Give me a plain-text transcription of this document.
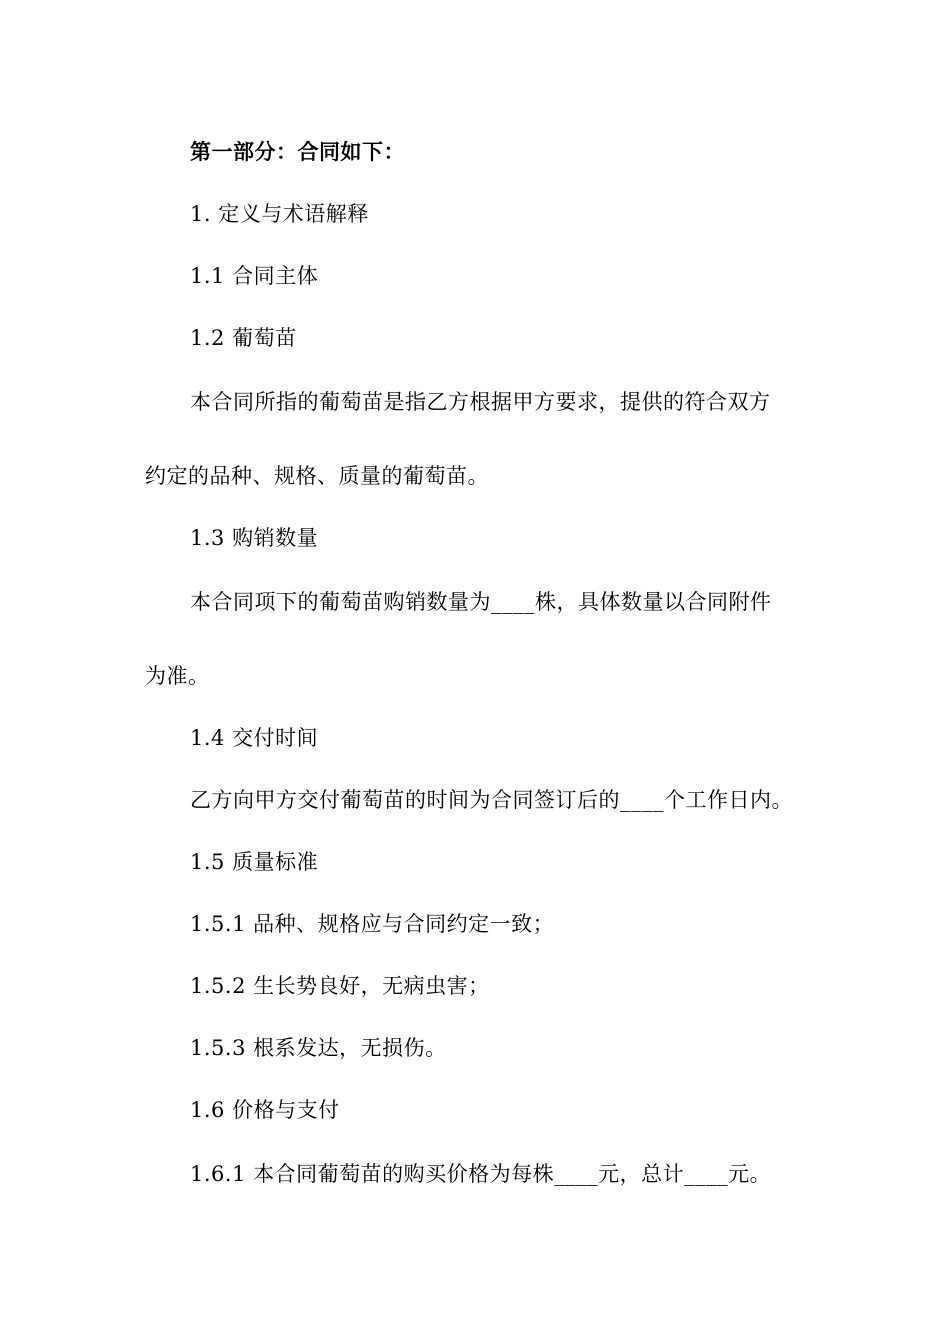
第一部分：合同如下：
1. 定义与术语解释
1.1 合同主体
1.2 葡萄苗
本合同所指的葡萄苗是指乙方根据甲方要求，提供的符合双方
约定的品种、规格、质量的葡萄苗。
1.3 购销数量
本合同项下的葡萄苗购销数量为____株，具体数量以合同附件
为准。
1.4 交付时间
乙方向甲方交付葡萄苗的时间为合同签订后的____个工作日内。
1.5 质量标准
1.5.1 品种、规格应与合同约定一致；
1.5.2 生长势良好，无病虫害；
1.5.3 根系发达，无损伤。
1.6 价格与支付
1.6.1 本合同葡萄苗的购买价格为每株____元，总计____元。
